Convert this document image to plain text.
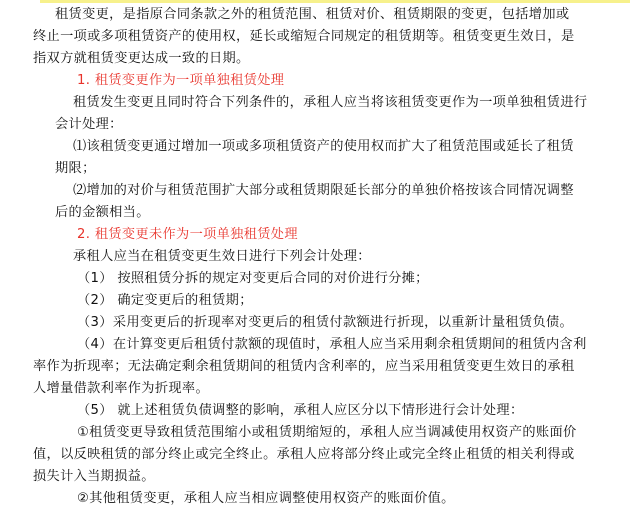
租赁变更，是指原合同条款之外的租赁范围、租赁对价、租赁期限的变更，包括增加或
终止一项或多项租赁资产的使用权，延长或缩短合同规定的租赁期等。租赁变更生效日，是
指双方就租赁变更达成一致的日期。
1. 租赁变更作为一项单独租赁处理
租赁发生变更且同时符合下列条件的，承租人应当将该租赁变更作为一项单独租赁进行
会计处理：
⑴该租赁变更通过增加一项或多项租赁资产的使用权而扩大了租赁范围或延长了租赁
期限；
⑵增加的对价与租赁范围扩大部分或租赁期限延长部分的单独价格按该合同情况调整
后的金额相当。
2. 租赁变更未作为一项单独租赁处理
承租人应当在租赁变更生效日进行下列会计处理：
（1） 按照租赁分拆的规定对变更后合同的对价进行分摊；
（2） 确定变更后的租赁期；
（3）采用变更后的折现率对变更后的租赁付款额进行折现，以重新计量租赁负债。
（4）在计算变更后租赁付款额的现值时，承租人应当采用剩余租赁期间的租赁内含利
率作为折现率；无法确定剩余租赁期间的租赁内含利率的，应当采用租赁变更生效日的承租
人增量借款利率作为折现率。
（5） 就上述租赁负债调整的影响，承租人应区分以下情形进行会计处理：
①租赁变更导致租赁范围缩小或租赁期缩短的，承租人应当调减使用权资产的账面价
值，以反映租赁的部分终止或完全终止。承租人应将部分终止或完全终止租赁的相关利得或
损失计入当期损益。
②其他租赁变更，承租人应当相应调整使用权资产的账面价值。
